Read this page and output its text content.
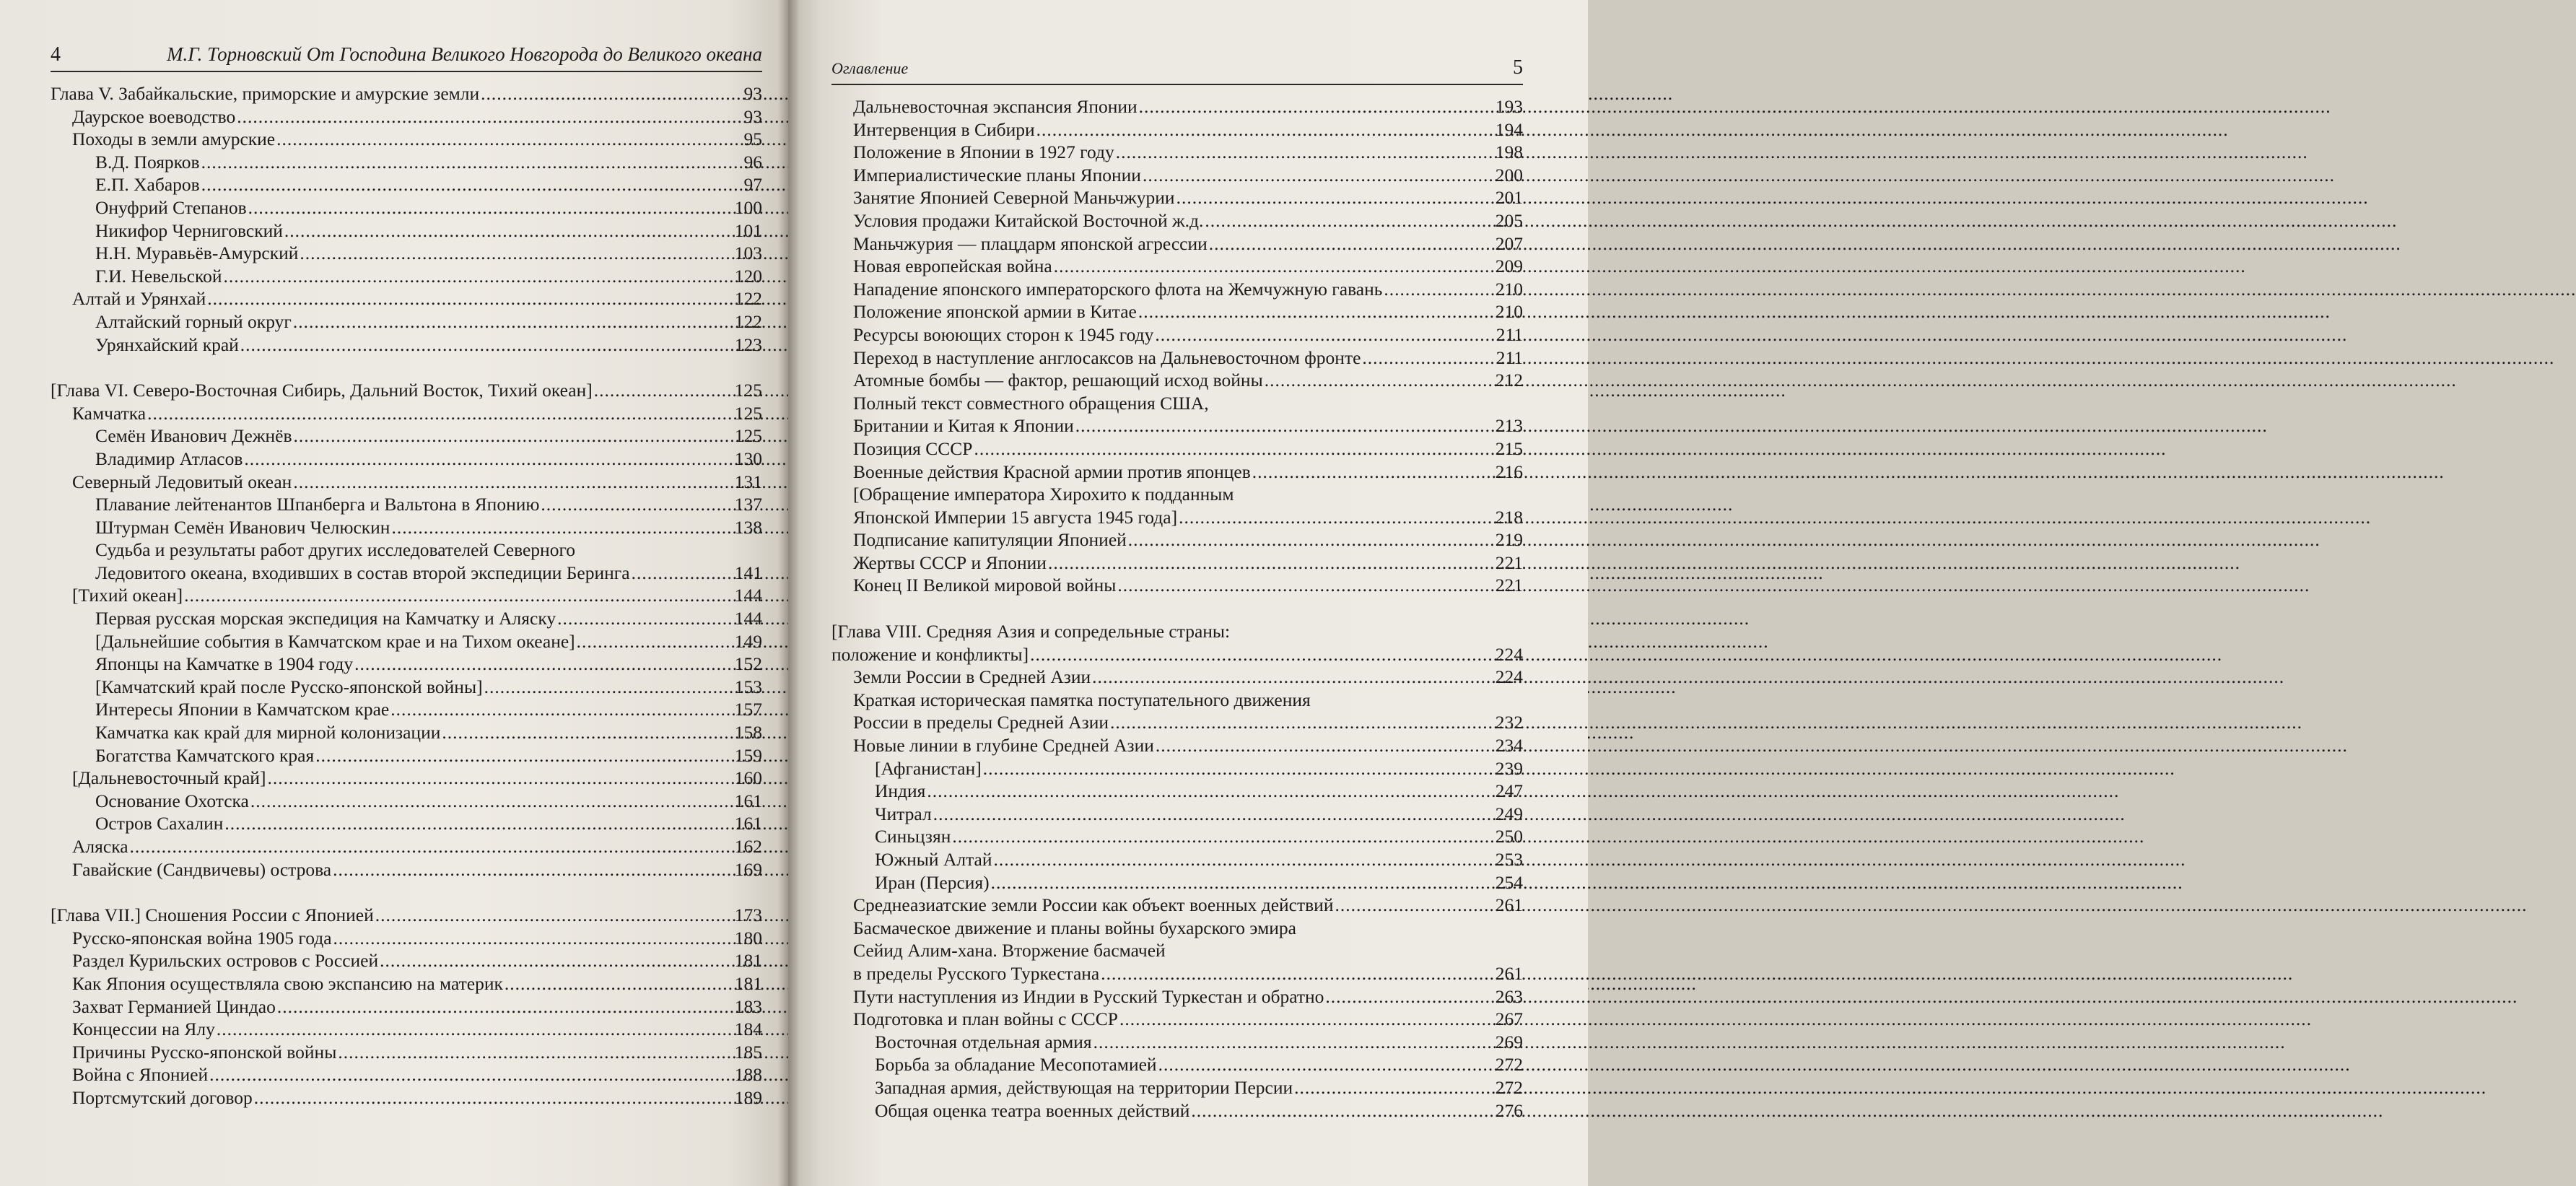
4	М.Г. Торновский От Господина Великого Новгорода до Великого океана
Глава V. Забайкальские, приморские и амурские земли .....	93
Даурское воеводство .....	93
Походы в земли амурские .....	95
В.Д. Поярков .....	96
Е.П. Хабаров .....	97
Онуфрий Степанов .....	100
Никифор Черниговский .....	101
Н.Н. Муравьёв-Амурский .....	103
Г.И. Невельской .....	120
Алтай и Урянхай .....	122
Алтайский горный округ .....	122
Урянхайский край .....	123
[Глава VI. Северо-Восточная Сибирь, Дальний Восток, Тихий океан] .....	125
Камчатка .....	125
Семён Иванович Дежнёв .....	125
Владимир Атласов .....	130
Северный Ледовитый океан .....	131
Плавание лейтенантов Шпанберга и Вальтона в Японию .....	137
Штурман Семён Иванович Челюскин .....	138
Судьба и результаты работ других исследователей Северного
Ледовитого океана, входивших в состав второй экспедиции Беринга .....	141
[Тихий океан] .....	144
Первая русская морская экспедиция на Камчатку и Аляску .....	144
[Дальнейшие события в Камчатском крае и на Тихом океане] .....	149
Японцы на Камчатке в 1904 году .....	152
[Камчатский край после Русско-японской войны] .....	153
Интересы Японии в Камчатском крае .....	157
Камчатка как край для мирной колонизации .....	158
Богатства Камчатского края .....	159
[Дальневосточный край] .....	160
Основание Охотска .....	161
Остров Сахалин .....	161
Аляска .....	162
Гавайские (Сандвичевы) острова .....	169
[Глава VII.] Сношения России с Японией .....	173
Русско-японская война 1905 года .....	180
Раздел Курильских островов с Россией .....	181
Как Япония осуществляла свою экспансию на материк .....	181
Захват Германией Циндао .....	183
Концессии на Ялу .....	184
Причины Русско-японской войны .....	185
Война с Японией .....	188
Портсмутский договор .....	189
Оглавление	5
Дальневосточная экспансия Японии .....	193
Интервенция в Сибири .....	194
Положение в Японии в 1927 году .....	198
Империалистические планы Японии .....	200
Занятие Японией Северной Маньчжурии .....	201
Условия продажи Китайской Восточной ж.д. .....	205
Маньчжурия — плацдарм японской агрессии .....	207
Новая европейская война .....	209
Нападение японского императорского флота на Жемчужную гавань .....	210
Положение японской армии в Китае .....	210
Ресурсы воюющих сторон к 1945 году .....	211
Переход в наступление англосаксов на Дальневосточном фронте .....	211
Атомные бомбы — фактор, решающий исход войны .....	212
Полный текст совместного обращения США,
Британии и Китая к Японии .....	213
Позиция СССР .....	215
Военные действия Красной армии против японцев .....	216
[Обращение императора Хирохито к подданным
Японской Империи 15 августа 1945 года] .....	218
Подписание капитуляции Японией .....	219
Жертвы СССР и Японии .....	221
Конец II Великой мировой войны .....	221
[Глава VIII. Средняя Азия и сопредельные страны:
положение и конфликты] .....	224
Земли России в Средней Азии .....	224
Краткая историческая памятка поступательного движения
России в пределы Средней Азии .....	232
Новые линии в глубине Средней Азии .....	234
[Афганистан] .....	239
Индия .....	247
Читрал .....	249
Синьцзян .....	250
Южный Алтай .....	253
Иран (Персия) .....	254
Среднеазиатские земли России как объект военных действий .....	261
Басмаческое движение и планы войны бухарского эмира
Сейид Алим-хана. Вторжение басмачей
в пределы Русского Туркестана .....	261
Пути наступления из Индии в Русский Туркестан и обратно .....	263
Подготовка и план войны с СССР .....	267
Восточная отдельная армия .....	269
Борьба за обладание Месопотамией .....	272
Западная армия, действующая на территории Персии .....	272
Общая оценка театра военных действий .....	276
